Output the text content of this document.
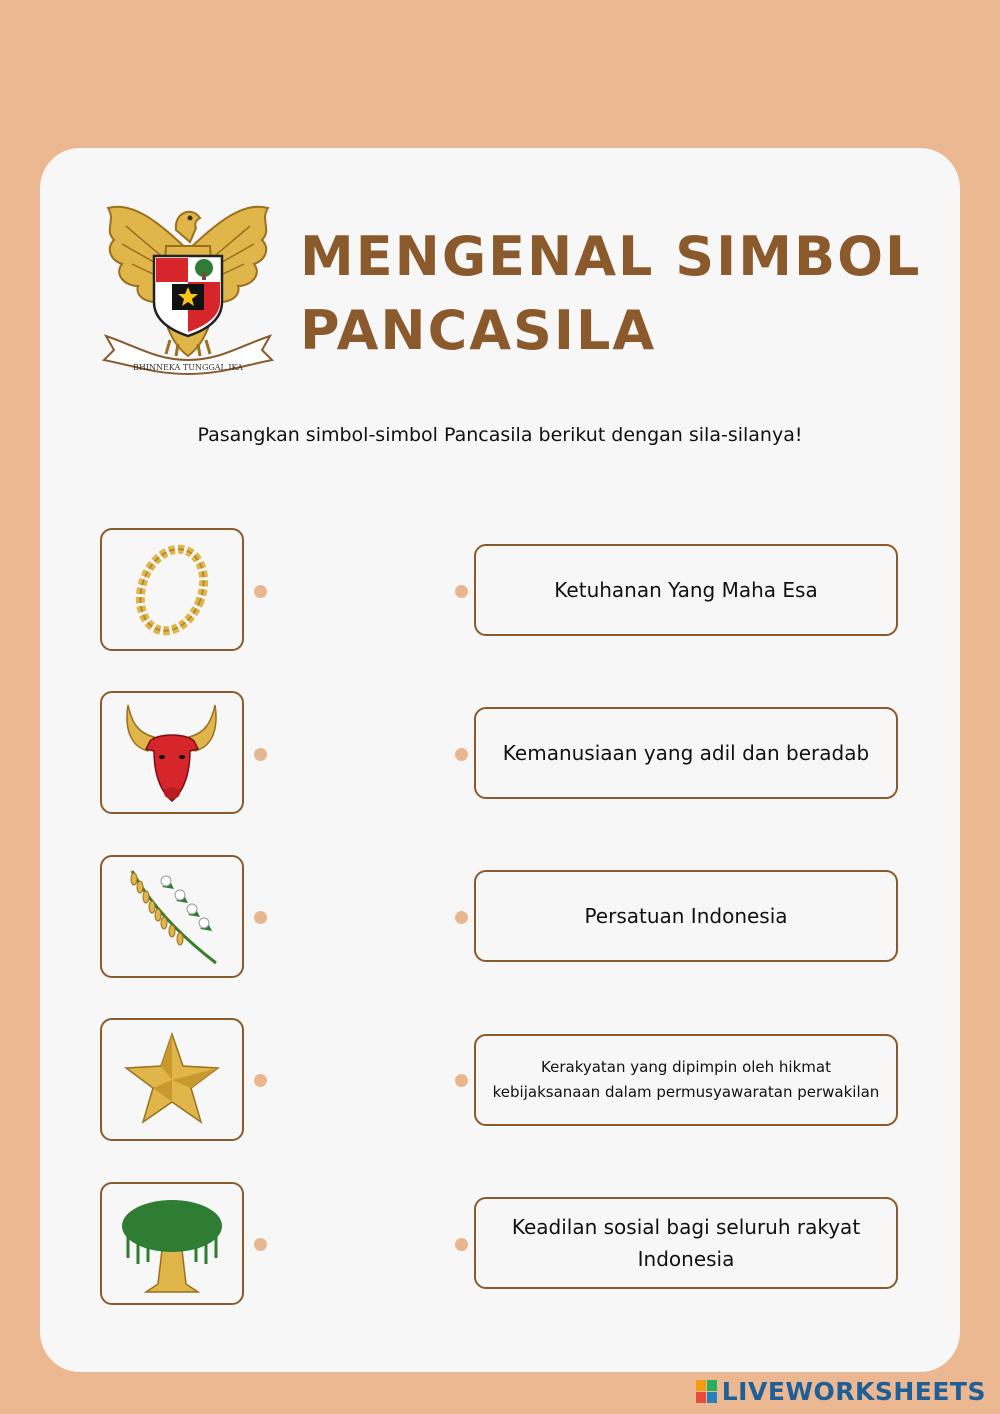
BHINNEKA TUNGGAL IKA
MENGENAL SIMBOL PANCASILA
Pasangkan simbol-simbol Pancasila berikut dengan sila-silanya!
Ketuhanan Yang Maha Esa
Kemanusiaan yang adil dan beradab
Persatuan Indonesia
Kerakyatan yang dipimpin oleh hikmat kebijaksanaan dalam permusyawaratan perwakilan
Keadilan sosial bagi seluruh rakyat Indonesia
LIVEWORKSHEETS
